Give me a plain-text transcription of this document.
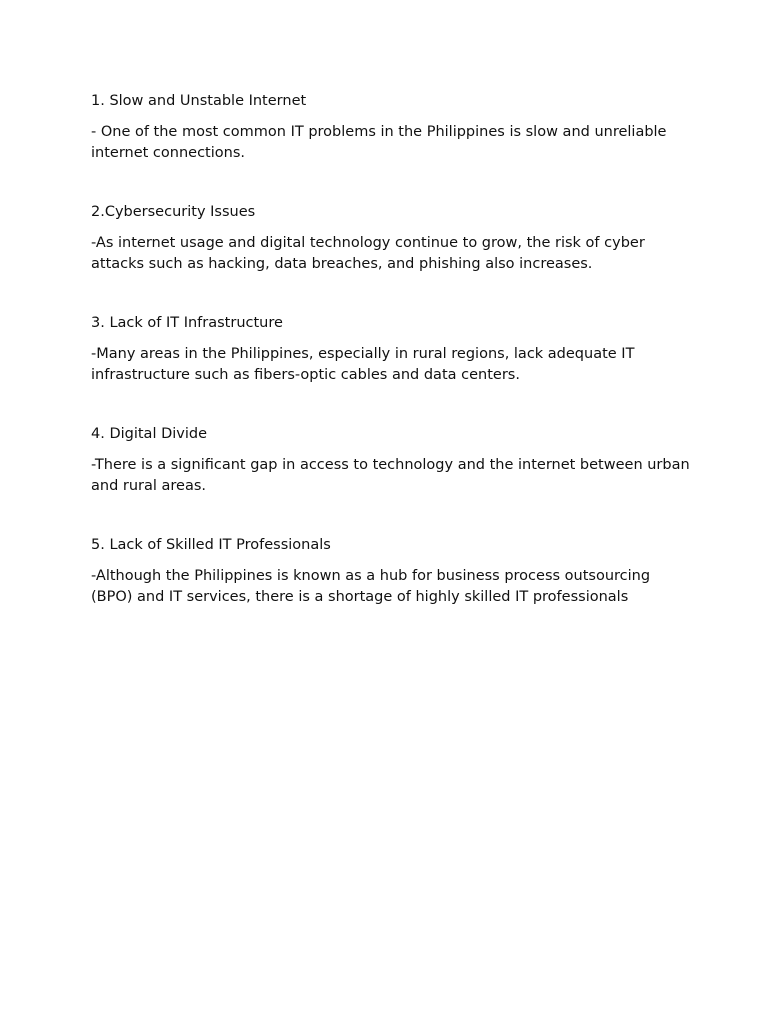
1. Slow and Unstable Internet

- One of the most common IT problems in the Philippines is slow and unreliable internet connections.

2.Cybersecurity Issues

-As internet usage and digital technology continue to grow, the risk of cyber attacks such as hacking, data breaches, and phishing also increases.

3. Lack of IT Infrastructure

-Many areas in the Philippines, especially in rural regions, lack adequate IT infrastructure such as fibers-optic cables and data centers.

4. Digital Divide

-There is a significant gap in access to technology and the internet between urban and rural areas.

5. Lack of Skilled IT Professionals

-Although the Philippines is known as a hub for business process outsourcing (BPO) and IT services, there is a shortage of highly skilled IT professionals
